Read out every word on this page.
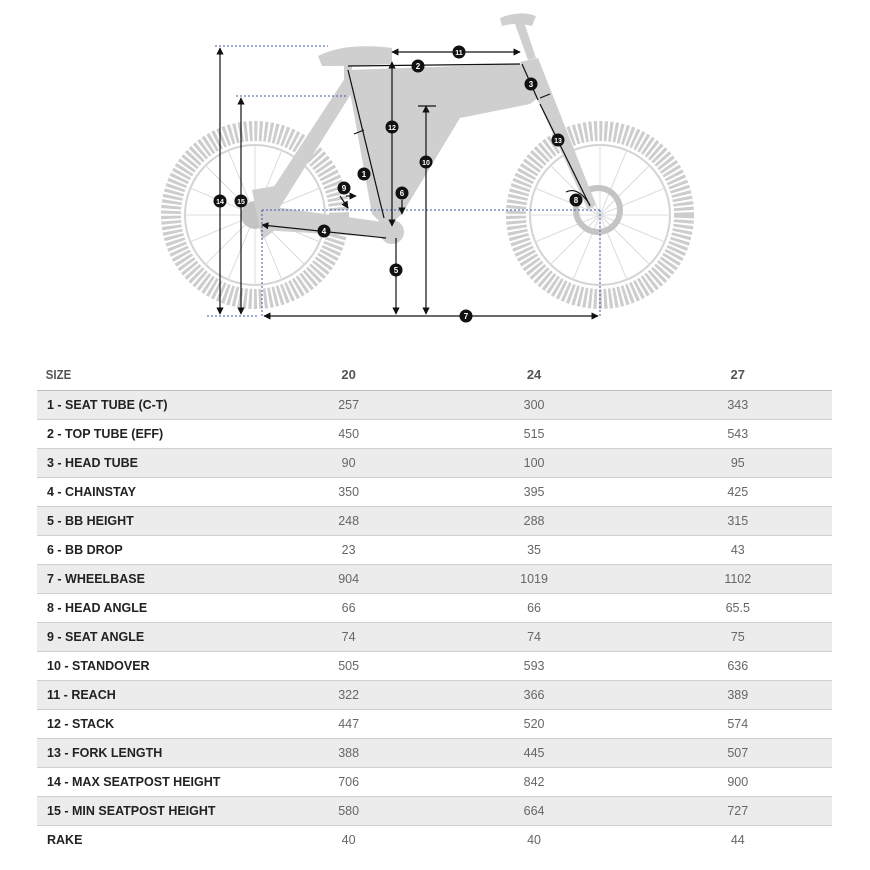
1
2
3
4
5
6
7
8
9
10
11
12
13
14 15
SIZE	20	24	27
1 - SEAT TUBE (C-T)	257	300	343
2 - TOP TUBE (EFF)	450	515	543
3 - HEAD TUBE	90	100	95
4 - CHAINSTAY	350	395	425
5 - BB HEIGHT	248	288	315
6 - BB DROP	23	35	43
7 - WHEELBASE	904	1019	1102
8 - HEAD ANGLE	66	66	65.5
9 - SEAT ANGLE	74	74	75
10 - STANDOVER	505	593	636
11 - REACH	322	366	389
12 - STACK	447	520	574
13 - FORK LENGTH	388	445	507
14 - MAX SEATPOST HEIGHT	706	842	900
15 - MIN SEATPOST HEIGHT	580	664	727
RAKE	40	40	44
